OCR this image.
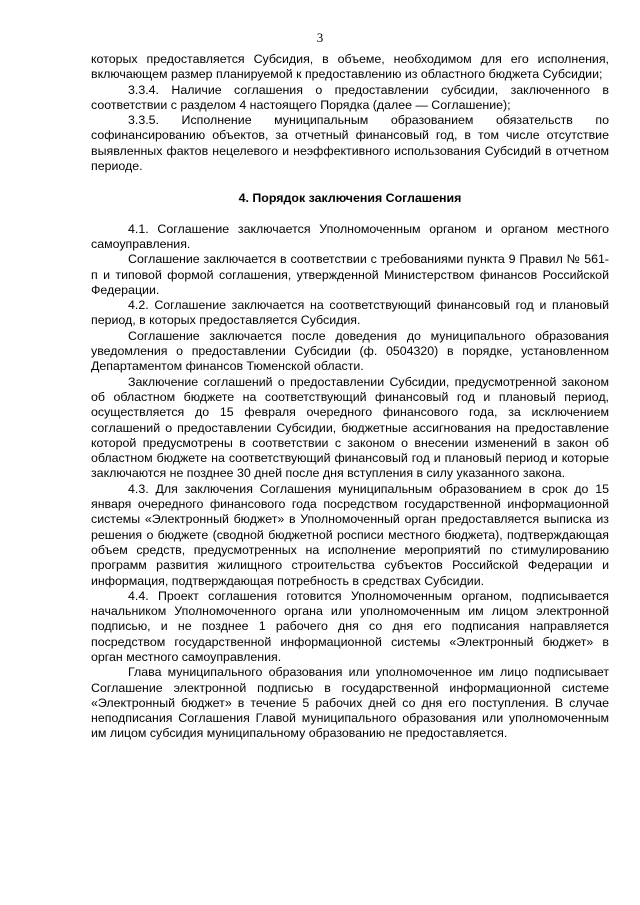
3

которых предоставляется Субсидия, в объеме, необходимом для его исполнения, включающем размер планируемой к предоставлению из областного бюджета Субсидии;

3.3.4. Наличие соглашения о предоставлении субсидии, заключенного в соответствии с разделом 4 настоящего Порядка (далее — Соглашение);

3.3.5. Исполнение муниципальным образованием обязательств по софинансированию объектов, за отчетный финансовый год, в том числе отсутствие выявленных фактов нецелевого и неэффективного использования Субсидий в отчетном периоде.

4. Порядок заключения Соглашения

4.1. Соглашение заключается Уполномоченным органом и органом местного самоуправления.

Соглашение заключается в соответствии с требованиями пункта 9 Правил № 561-п и типовой формой соглашения, утвержденной Министерством финансов Российской Федерации.

4.2. Соглашение заключается на соответствующий финансовый год и плановый период, в которых предоставляется Субсидия.

Соглашение заключается после доведения до муниципального образования уведомления о предоставлении Субсидии (ф. 0504320) в порядке, установленном Департаментом финансов Тюменской области.

Заключение соглашений о предоставлении Субсидии, предусмотренной законом об областном бюджете на соответствующий финансовый год и плановый период, осуществляется до 15 февраля очередного финансового года, за исключением соглашений о предоставлении Субсидии, бюджетные ассигнования на предоставление которой предусмотрены в соответствии с законом о внесении изменений в закон об областном бюджете на соответствующий финансовый год и плановый период и которые заключаются не позднее 30 дней после дня вступления в силу указанного закона.

4.3. Для заключения Соглашения муниципальным образованием в срок до 15 января очередного финансового года посредством государственной информационной системы «Электронный бюджет» в Уполномоченный орган предоставляется выписка из решения о бюджете (сводной бюджетной росписи местного бюджета), подтверждающая объем средств, предусмотренных на исполнение мероприятий по стимулированию программ развития жилищного строительства субъектов Российской Федерации и информация, подтверждающая потребность в средствах Субсидии.

4.4. Проект соглашения готовится Уполномоченным органом, подписывается начальником Уполномоченного органа или уполномоченным им лицом электронной подписью, и не позднее 1 рабочего дня со дня его подписания направляется посредством государственной информационной системы «Электронный бюджет» в орган местного самоуправления.

Глава муниципального образования или уполномоченное им лицо подписывает Соглашение электронной подписью в государственной информационной системе «Электронный бюджет» в течение 5 рабочих дней со дня его поступления. В случае неподписания Соглашения Главой муниципального образования или уполномоченным им лицом субсидия муниципальному образованию не предоставляется.
